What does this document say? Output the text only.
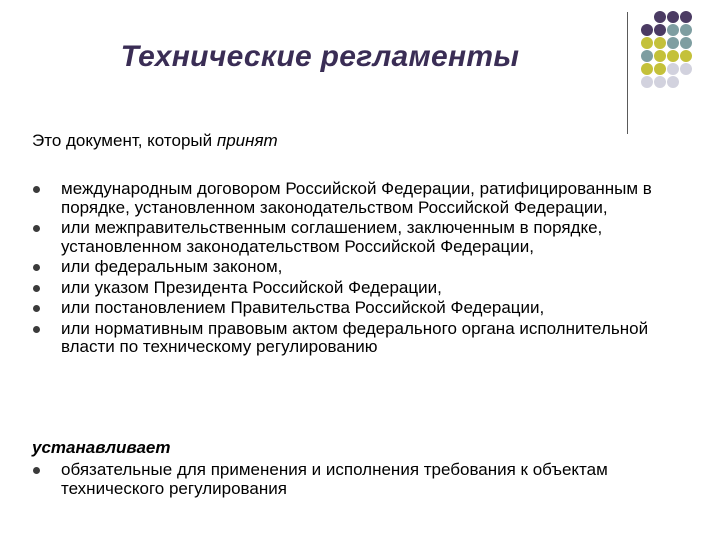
Технические регламенты
Это документ, который принят
международным договором Российской Федерации, ратифицированным в порядке, установленном законодательством Российской Федерации,
или межправительственным соглашением, заключенным в порядке, установленном законодательством Российской Федерации,
или федеральным законом,
или указом Президента Российской Федерации,
или постановлением Правительства Российской Федерации,
или нормативным правовым актом федерального органа исполнительной власти по техническому регулированию
устанавливает
обязательные для применения и исполнения требования к объектам технического регулирования
